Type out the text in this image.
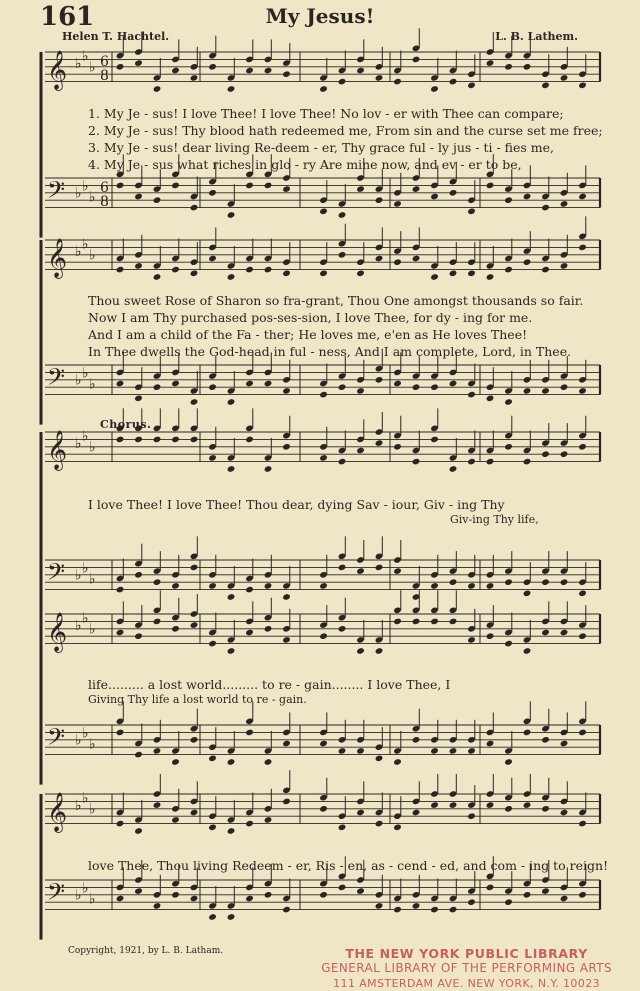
𝄞 ♭ ♭
♭ 6
8
𝄢 ♭ ♭
♭
6
8
𝄞 ♭ ♭
♭
𝄢 ♭ ♭
♭
𝄞 ♭ ♭
♭
𝄢 ♭ ♭
♭
𝄞 ♭ ♭
♭
𝄢 ♭ ♭
♭
𝄞 ♭ ♭
♭
𝄢 ♭ ♭
♭
161	My Jesus!
Helen T. Hachtel.	L. B. Lathem.
1. My Je - sus! I love Thee! I love Thee! No lov - er with Thee can compare;
2. My Je - sus! Thy blood hath redeemed me, From sin and the curse set me free;
3. My Je - sus! dear living Re-deem - er, Thy grace ful - ly jus - ti - fies me,
4. My Je - sus what riches in glo - ry Are mine now, and ev - er to be,
Thou sweet Rose of Sharon so fra-grant, Thou One amongst thousands so fair.
Now I am Thy purchased pos-ses-sion, I love Thee, for dy - ing for me.
And I am a child of the Fa - ther; He loves me, e'en as He loves Thee!
In Thee dwells the God-head in ful - ness, And I am complete, Lord, in Thee.
Chorus.
I love Thee! I love Thee! Thou dear, dying Sav - iour, Giv - ing Thy
Giv-ing Thy life,
life......... a lost world......... to re - gain........ I love Thee, I
Giving Thy life a lost world to re - gain.
love Thee, Thou living Redeem - er, Ris - en, as - cend - ed, and com - ing to reign!
Copyright, 1921, by L. B. Latham.	THE NEW YORK PUBLIC LIBRARY
GENERAL LIBRARY OF THE PERFORMING ARTS
111 AMSTERDAM AVE. NEW YORK, N.Y. 10023
